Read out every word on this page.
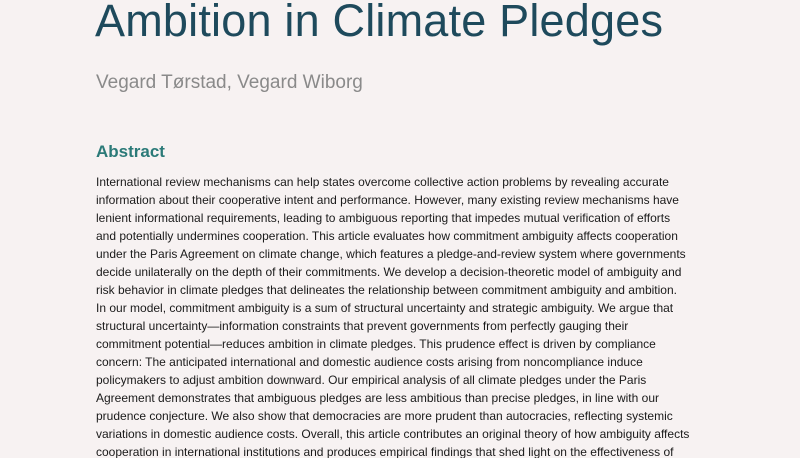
Ambition in Climate Pledges
Vegard Tørstad, Vegard Wiborg
Abstract
International review mechanisms can help states overcome collective action problems by revealing accurate
information about their cooperative intent and performance. However, many existing review mechanisms have
lenient informational requirements, leading to ambiguous reporting that impedes mutual verification of efforts
and potentially undermines cooperation. This article evaluates how commitment ambiguity affects cooperation
under the Paris Agreement on climate change, which features a pledge-and-review system where governments
decide unilaterally on the depth of their commitments. We develop a decision-theoretic model of ambiguity and
risk behavior in climate pledges that delineates the relationship between commitment ambiguity and ambition.
In our model, commitment ambiguity is a sum of structural uncertainty and strategic ambiguity. We argue that
structural uncertainty—information constraints that prevent governments from perfectly gauging their
commitment potential—reduces ambition in climate pledges. This prudence effect is driven by compliance
concern: The anticipated international and domestic audience costs arising from noncompliance induce
policymakers to adjust ambition downward. Our empirical analysis of all climate pledges under the Paris
Agreement demonstrates that ambiguous pledges are less ambitious than precise pledges, in line with our
prudence conjecture. We also show that democracies are more prudent than autocracies, reflecting systemic
variations in domestic audience costs. Overall, this article contributes an original theory of how ambiguity affects
cooperation in international institutions and produces empirical findings that shed light on the effectiveness of
